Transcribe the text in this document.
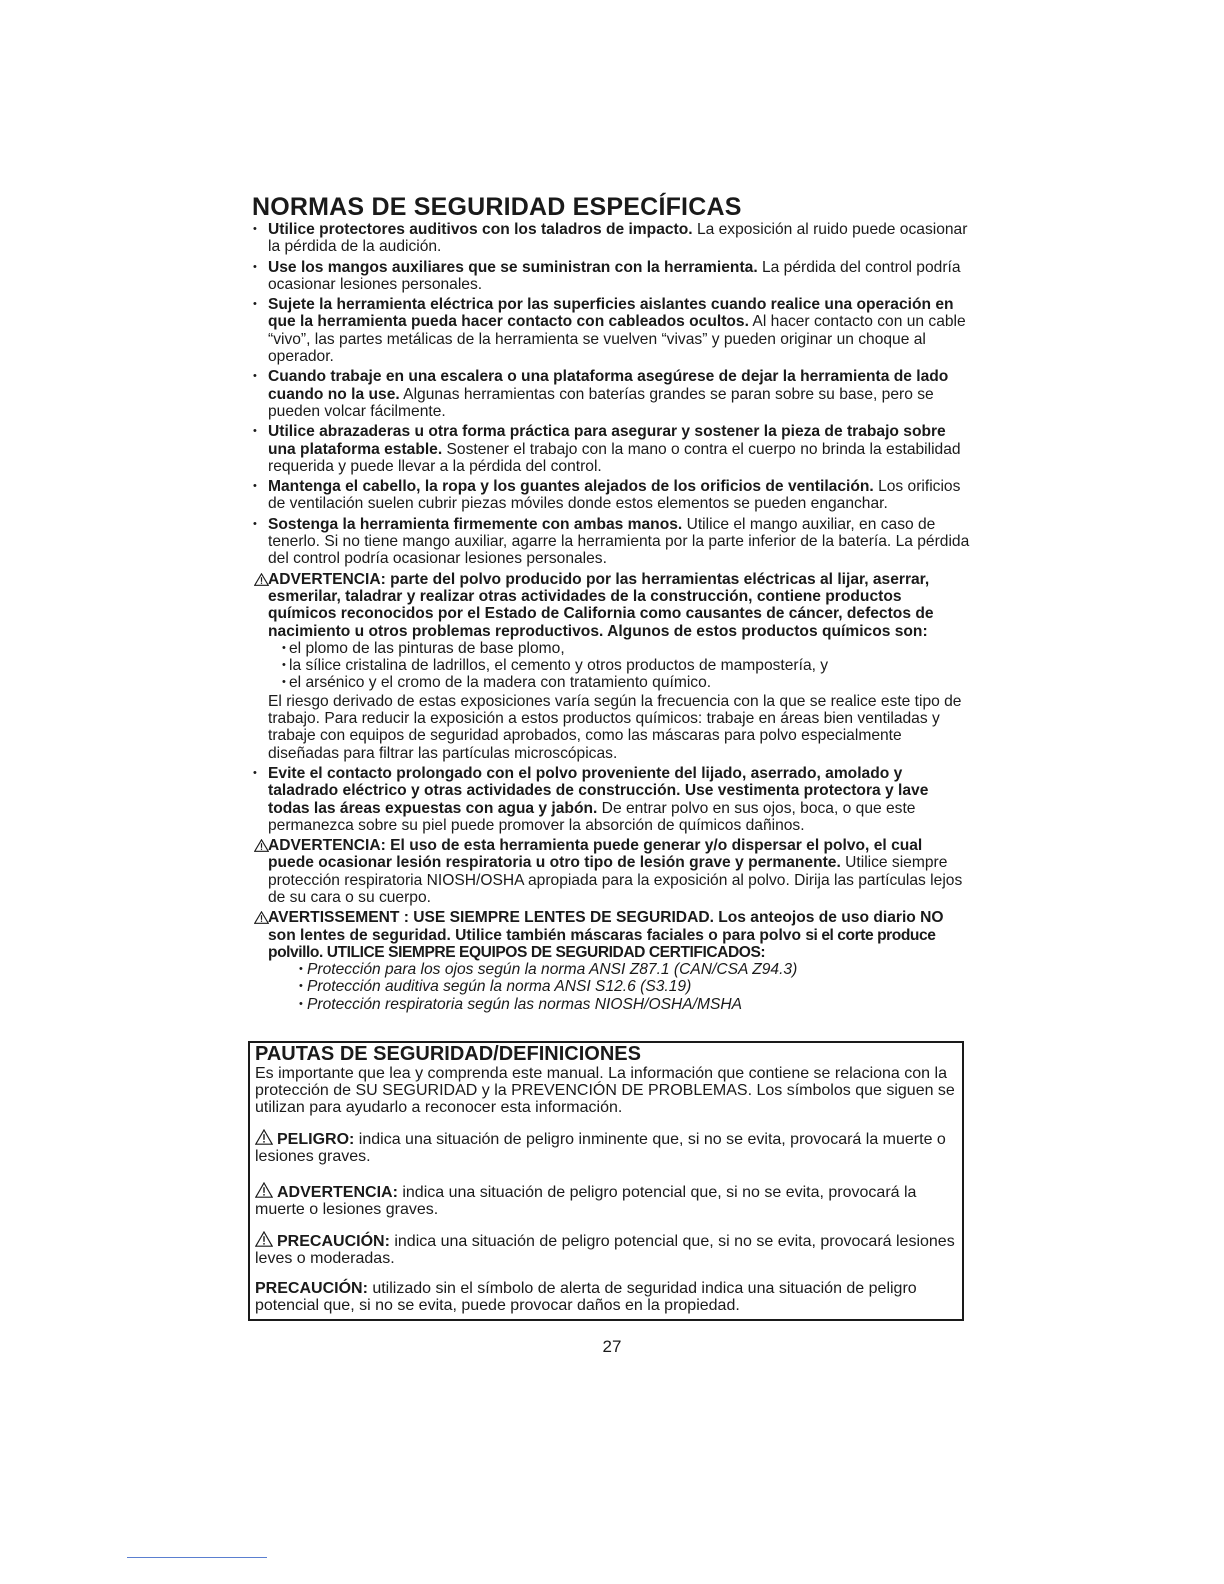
NORMAS DE SEGURIDAD ESPECÍFICAS

• Utilice protectores auditivos con los taladros de impacto. La exposición al ruido puede ocasionar la pérdida de la audición.

• Use los mangos auxiliares que se suministran con la herramienta. La pérdida del control podría ocasionar lesiones personales.

• Sujete la herramienta eléctrica por las superficies aislantes cuando realice una operación en que la herramienta pueda hacer contacto con cableados ocultos. Al hacer contacto con un cable “vivo”, las partes metálicas de la herramienta se vuelven “vivas” y pueden originar un choque al operador.

• Cuando trabaje en una escalera o una plataforma asegúrese de dejar la herramienta de lado cuando no la use. Algunas herramientas con baterías grandes se paran sobre su base, pero se pueden volcar fácilmente.

• Utilice abrazaderas u otra forma práctica para asegurar y sostener la pieza de trabajo sobre una plataforma estable. Sostener el trabajo con la mano o contra el cuerpo no brinda la estabilidad requerida y puede llevar a la pérdida del control.

• Mantenga el cabello, la ropa y los guantes alejados de los orificios de ventilación. Los orificios de ventilación suelen cubrir piezas móviles donde estos elementos se pueden enganchar.

• Sostenga la herramienta firmemente con ambas manos. Utilice el mango auxiliar, en caso de tenerlo. Si no tiene mango auxiliar, agarre la herramienta por la parte inferior de la batería. La pérdida del control podría ocasionar lesiones personales.

ADVERTENCIA: parte del polvo producido por las herramientas eléctricas al lijar, aserrar, esmerilar, taladrar y realizar otras actividades de la construcción, contiene productos químicos reconocidos por el Estado de California como causantes de cáncer, defectos de nacimiento u otros problemas reproductivos. Algunos de estos productos químicos son:
• el plomo de las pinturas de base plomo,
• la sílice cristalina de ladrillos, el cemento y otros productos de mampostería, y
• el arsénico y el cromo de la madera con tratamiento químico.

El riesgo derivado de estas exposiciones varía según la frecuencia con la que se realice este tipo de trabajo. Para reducir la exposición a estos productos químicos: trabaje en áreas bien ventiladas y trabaje con equipos de seguridad aprobados, como las máscaras para polvo especialmente diseñadas para filtrar las partículas microscópicas.

• Evite el contacto prolongado con el polvo proveniente del lijado, aserrado, amolado y taladrado eléctrico y otras actividades de construcción. Use vestimenta protectora y lave todas las áreas expuestas con agua y jabón. De entrar polvo en sus ojos, boca, o que este permanezca sobre su piel puede promover la absorción de químicos dañinos.

ADVERTENCIA: El uso de esta herramienta puede generar y/o dispersar el polvo, el cual puede ocasionar lesión respiratoria u otro tipo de lesión grave y permanente. Utilice siempre protección respiratoria NIOSH/OSHA apropiada para la exposición al polvo. Dirija las partículas lejos de su cara o su cuerpo.
AVERTISSEMENT : USE SIEMPRE LENTES DE SEGURIDAD. Los anteojos de uso diario NO son lentes de seguridad. Utilice también máscaras faciales o para polvo si el corte produce polvillo. UTILICE SIEMPRE EQUIPOS DE SEGURIDAD CERTIFICADOS:
• Protección para los ojos según la norma ANSI Z87.1 (CAN/CSA Z94.3)
• Protección auditiva según la norma ANSI S12.6 (S3.19)
• Protección respiratoria según las normas NIOSH/OSHA/MSHA
PAUTAS DE SEGURIDAD/DEFINICIONES

Es importante que lea y comprenda este manual. La información que contiene se relaciona con la protección de SU SEGURIDAD y la PREVENCIÓN DE PROBLEMAS. Los símbolos que siguen se utilizan para ayudarlo a reconocer esta información.

PELIGRO: indica una situación de peligro inminente que, si no se evita, provocará la muerte o lesiones graves.

ADVERTENCIA: indica una situación de peligro potencial que, si no se evita, provocará la muerte o lesiones graves.

PRECAUCIÓN: indica una situación de peligro potencial que, si no se evita, provocará lesiones leves o moderadas.

PRECAUCIÓN: utilizado sin el símbolo de alerta de seguridad indica una situación de peligro potencial que, si no se evita, puede provocar daños en la propiedad.

27
